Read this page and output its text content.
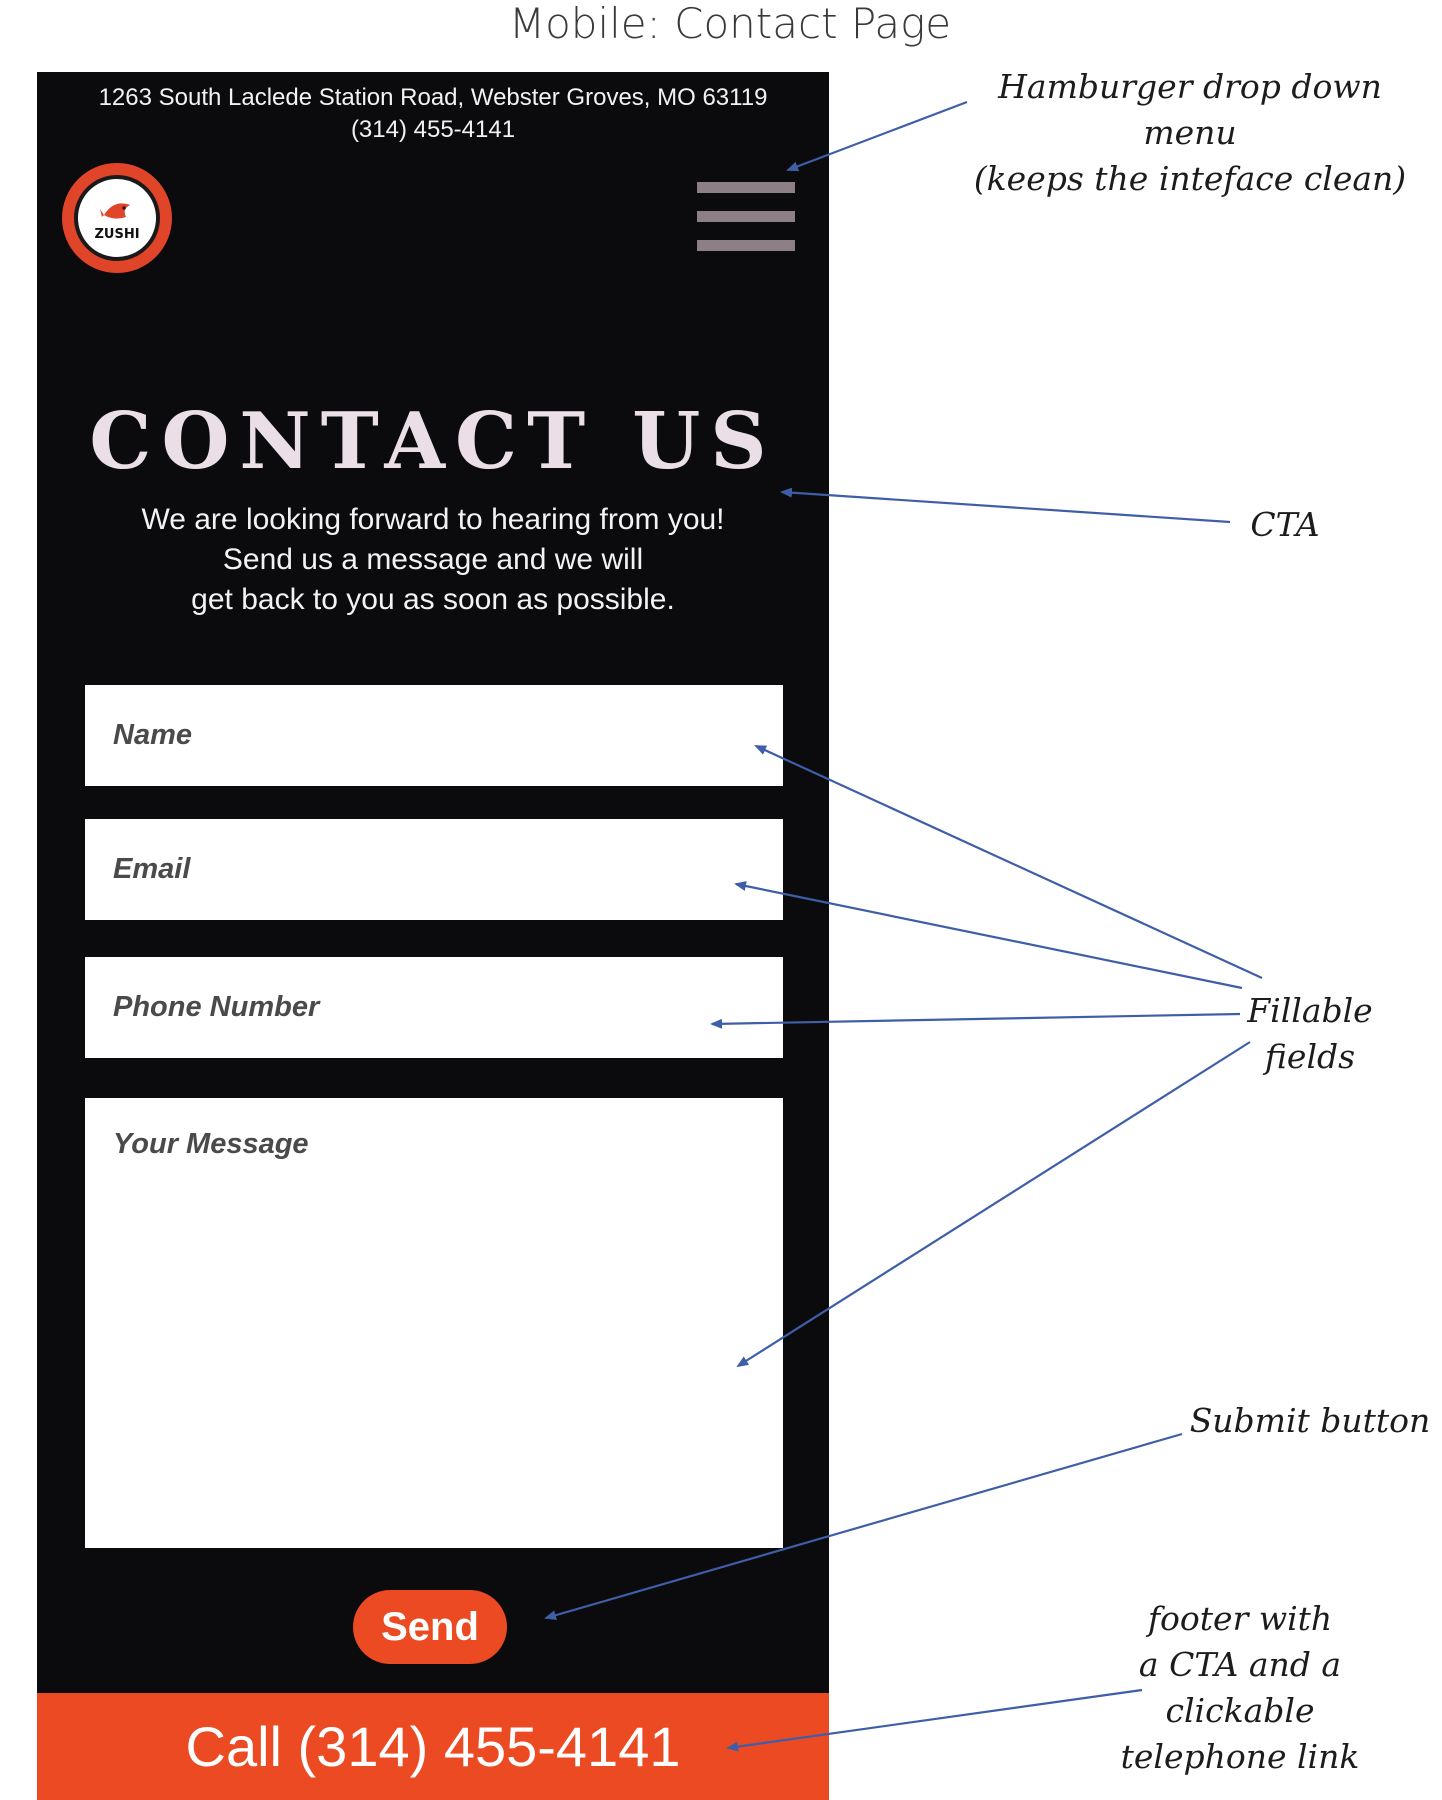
Mobile: Contact Page
1263 South Laclede Station Road, Webster Groves, MO 63119
(314) 455-4141
ZUSHI
CONTACT US
We are looking forward to hearing from you!
Send us a message and we will
get back to you as soon as possible.
Name
Email
Phone Number
Your Message
Send
Call (314) 455-4141
Hamburger drop down menu
(keeps the inteface clean)
CTA
Fillable
fields
Submit button
footer with
a CTA and a
clickable
telephone link
